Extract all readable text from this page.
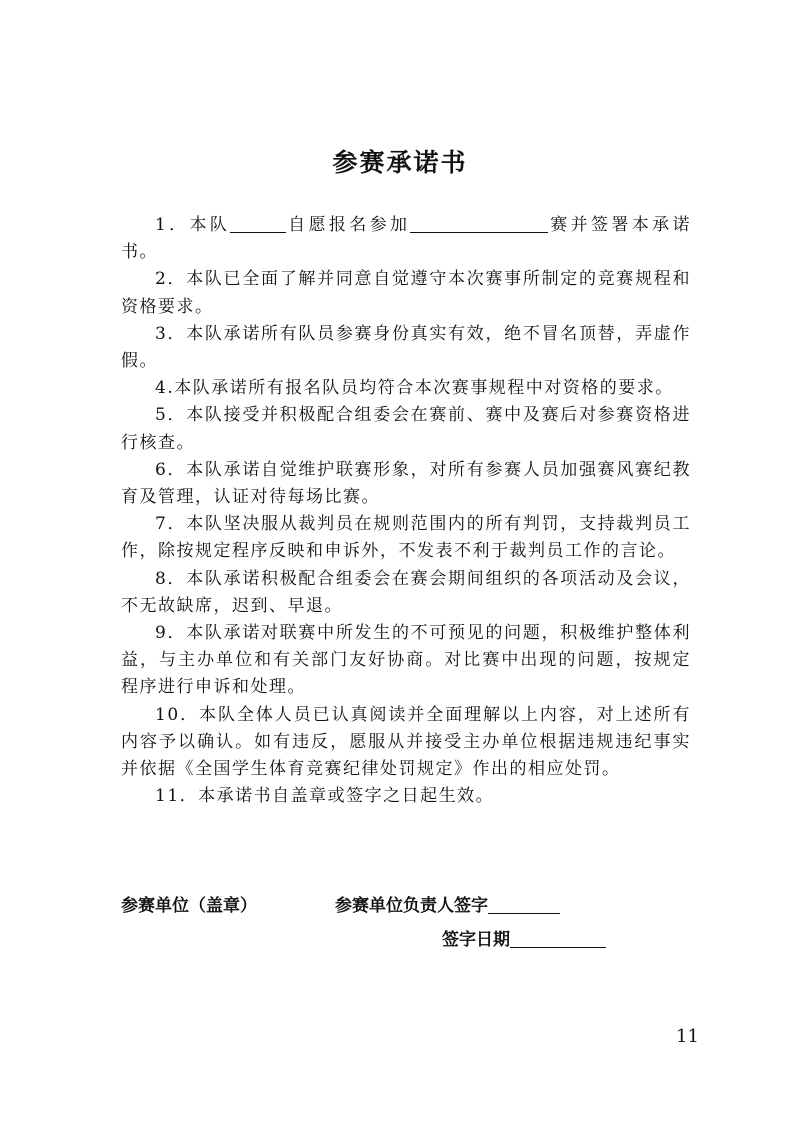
参赛承诺书

1．本队	自愿报名参加	赛并签署本承诺书。

2．本队已全面了解并同意自觉遵守本次赛事所制定的竞赛规程和资格要求。

3．本队承诺所有队员参赛身份真实有效，绝不冒名顶替，弄虚作假。

4.本队承诺所有报名队员均符合本次赛事规程中对资格的要求。

5．本队接受并积极配合组委会在赛前、赛中及赛后对参赛资格进行核查。

6．本队承诺自觉维护联赛形象，对所有参赛人员加强赛风赛纪教育及管理，认证对待每场比赛。

7．本队坚决服从裁判员在规则范围内的所有判罚，支持裁判员工作，除按规定程序反映和申诉外，不发表不利于裁判员工作的言论。

8．本队承诺积极配合组委会在赛会期间组织的各项活动及会议，不无故缺席，迟到、早退。

9．本队承诺对联赛中所发生的不可预见的问题，积极维护整体利益，与主办单位和有关部门友好协商。对比赛中出现的问题，按规定程序进行申诉和处理。

10．本队全体人员已认真阅读并全面理解以上内容，对上述所有内容予以确认。如有违反，愿服从并接受主办单位根据违规违纪事实并依据《全国学生体育竞赛纪律处罚规定》作出的相应处罚。

11．本承诺书自盖章或签字之日起生效。

参赛单位（盖章）	参赛单位负责人签字
签字日期
11
